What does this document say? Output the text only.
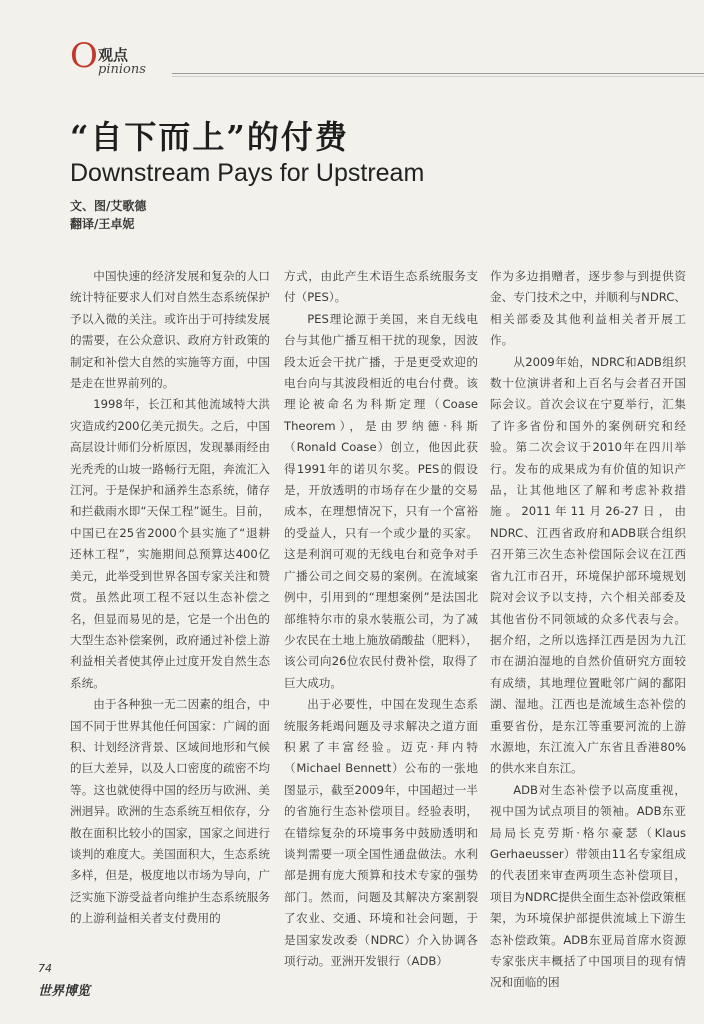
O 观点
pinions
“自下而上”的付费
Downstream Pays for Upstream
文、图/艾歌德
翻译/王卓妮

中国快速的经济发展和复杂的人口统计特征要求人们对自然生态系统保护予以入微的关注。或许出于可持续发展的需要，在公众意识、政府方针政策的制定和补偿大自然的实施等方面，中国是走在世界前列的。

1998年，长江和其他流域特大洪灾造成约200亿美元损失。之后，中国高层设计师们分析原因，发现暴雨经由光秃秃的山坡一路畅行无阻，奔流汇入江河。于是保护和涵养生态系统，储存和拦截雨水即“天保工程”诞生。目前，中国已在25省2000个县实施了“退耕还林工程”，实施期间总预算达400亿美元，此举受到世界各国专家关注和赞赏。虽然此项工程不冠以生态补偿之名，但显而易见的是，它是一个出色的大型生态补偿案例，政府通过补偿上游利益相关者使其停止过度开发自然生态系统。

由于各种独一无二因素的组合，中国不同于世界其他任何国家：广阔的面积、计划经济背景、区域间地形和气候的巨大差异，以及人口密度的疏密不均等。这也就使得中国的经历与欧洲、美洲迥异。欧洲的生态系统互相依存，分散在面积比较小的国家，国家之间进行谈判的难度大。美国面积大，生态系统多样，但是，极度地以市场为导向，广泛实施下游受益者向维护生态系统服务的上游利益相关者支付费用的

方式，由此产生术语生态系统服务支付（PES）。

PES理论源于美国，来自无线电台与其他广播互相干扰的现象，因波段太近会干扰广播，于是更受欢迎的电台向与其波段相近的电台付费。该理论被命名为科斯定理（Coase Theorem），是由罗纳德·科斯（Ronald Coase）创立，他因此获得1991年的诺贝尔奖。PES的假设是，开放透明的市场存在少量的交易成本，在理想情况下，只有一个富裕的受益人，只有一个或少量的买家。这是利润可观的无线电台和竞争对手广播公司之间交易的案例。在流域案例中，引用到的“理想案例”是法国北部维特尔市的泉水装瓶公司，为了减少农民在土地上施放硝酸盐（肥料），该公司向26位农民付费补偿，取得了巨大成功。

出于必要性，中国在发现生态系统服务耗竭问题及寻求解决之道方面积累了丰富经验。迈克·拜内特（Michael Bennett）公布的一张地图显示，截至2009年，中国超过一半的省施行生态补偿项目。经验表明，在错综复杂的环境事务中鼓励透明和谈判需要一项全国性通盘做法。水利部是拥有庞大预算和技术专家的强势部门。然而，问题及其解决方案割裂了农业、交通、环境和社会问题，于是国家发改委（NDRC）介入协调各项行动。亚洲开发银行（ADB）

作为多边捐赠者，逐步参与到提供资金、专门技术之中，并顺利与NDRC、相关部委及其他利益相关者开展工作。

从2009年始，NDRC和ADB组织数十位演讲者和上百名与会者召开国际会议。首次会议在宁夏举行，汇集了许多省份和国外的案例研究和经验。第二次会议于2010年在四川举行。发布的成果成为有价值的知识产品，让其他地区了解和考虑补救措施。2011年11月26-27日，由NDRC、江西省政府和ADB联合组织召开第三次生态补偿国际会议在江西省九江市召开，环境保护部环境规划院对会议予以支持，六个相关部委及其他省份不同领域的众多代表与会。据介绍，之所以选择江西是因为九江市在湖泊湿地的自然价值研究方面较有成绩，其地理位置毗邻广阔的鄱阳湖、湿地。江西也是流域生态补偿的重要省份，是东江等重要河流的上游水源地，东江流入广东省且香港80%的供水来自东江。

ADB对生态补偿予以高度重视，视中国为试点项目的领袖。ADB东亚局局长克劳斯·格尔豪瑟（Klaus Gerhaeusser）带领由11名专家组成的代表团来审查两项生态补偿项目，项目为NDRC提供全面生态补偿政策框架，为环境保护部提供流域上下游生态补偿政策。ADB东亚局首席水资源专家张庆丰概括了中国项目的现有情况和面临的困

74
世界博览
